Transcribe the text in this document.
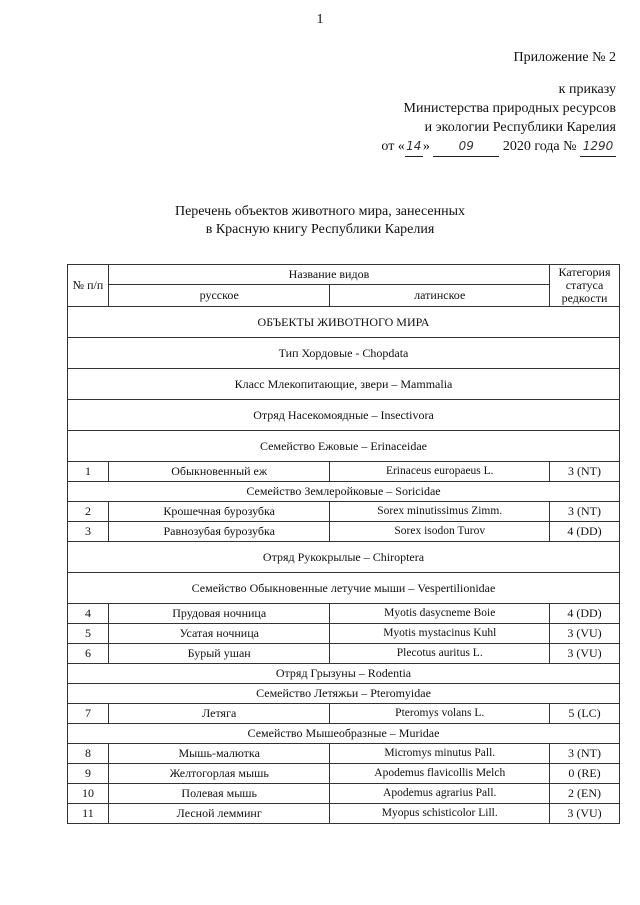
1
Приложение № 2
к приказу
Министерства природных ресурсов
и экологии Республики Карелия
от «14» 09 2020 года № 1290
Перечень объектов животного мира, занесенных
в Красную книгу Республики Карелия
№ п/п	Название видов		Категория статуса редкости
	русское	латинское	
ОБЪЕКТЫ ЖИВОТНОГО МИРА			
Тип Хордовые - Chopdata			
Класс Млекопитающие, звери – Mammalia			
Отряд Насекомоядные – Insectivora			
Семейство Ежовые – Erinaceidae			
1	Обыкновенный еж	Erinaceus europaeus L.	3 (NT)
Семейство Землеройковые – Soricidae			
2	Крошечная бурозубка	Sorex minutissimus Zimm.	3 (NT)
3	Равнозубая бурозубка	Sorex isodon Turov	4 (DD)
Отряд Рукокрылые – Chiroptera			
Семейство Обыкновенные летучие мыши – Vespertilionidae			
4	Прудовая ночница	Myotis dasycneme Boie	4 (DD)
5	Усатая ночница	Myotis mystacinus Kuhl	3 (VU)
6	Бурый ушан	Plecotus auritus L.	3 (VU)
Отряд Грызуны – Rodentia			
Семейство Летяжьи – Pteromyidae			
7	Летяга	Pteromys volans L.	5 (LC)
Семейство Мышеобразные – Muridae			
8	Мышь-малютка	Micromys minutus Pall.	3 (NT)
9	Желтогорлая мышь	Apodemus flavicollis Melch	0 (RE)
10	Полевая мышь	Apodemus agrarius Pall.	2 (EN)
11	Лесной лемминг	Myopus schisticolor Lill.	3 (VU)
